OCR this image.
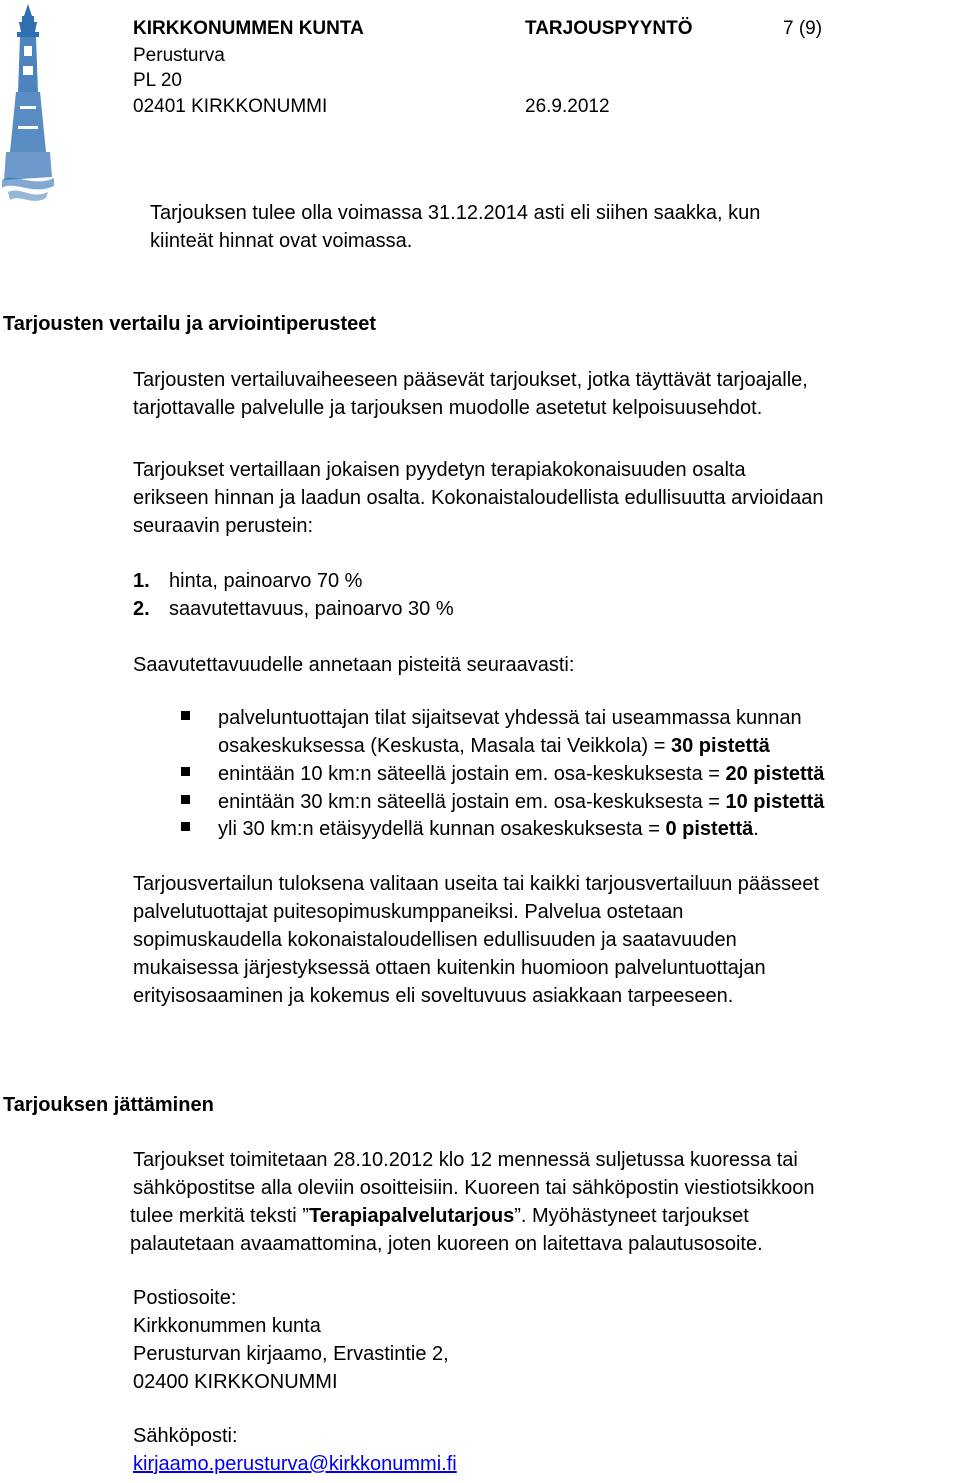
KIRKKONUMMEN KUNTA	TARJOUSPYYNTÖ	7 (9)
Perusturva
PL 20
02401 KIRKKONUMMI	26.9.2012
Tarjouksen tulee olla voimassa 31.12.2014 asti eli siihen saakka, kun
kiinteät hinnat ovat voimassa.
Tarjousten vertailu ja arviointiperusteet
Tarjousten vertailuvaiheeseen pääsevät tarjoukset, jotka täyttävät tarjoajalle,
tarjottavalle palvelulle ja tarjouksen muodolle asetetut kelpoisuusehdot.
Tarjoukset vertaillaan jokaisen pyydetyn terapiakokonaisuuden osalta
erikseen hinnan ja laadun osalta. Kokonaistaloudellista edullisuutta arvioidaan
seuraavin perustein:
1. hinta, painoarvo 70 %
2. saavutettavuus, painoarvo 30 %
Saavutettavuudelle annetaan pisteitä seuraavasti:
palveluntuottajan tilat sijaitsevat yhdessä tai useammassa kunnan
osakeskuksessa (Keskusta, Masala tai Veikkola) = 30 pistettä
enintään 10 km:n säteellä jostain em. osa-keskuksesta = 20 pistettä
enintään 30 km:n säteellä jostain em. osa-keskuksesta = 10 pistettä
yli 30 km:n etäisyydellä kunnan osakeskuksesta = 0 pistettä.
Tarjousvertailun tuloksena valitaan useita tai kaikki tarjousvertailuun päässeet
palvelutuottajat puitesopimuskumppaneiksi. Palvelua ostetaan
sopimuskaudella kokonaistaloudellisen edullisuuden ja saatavuuden
mukaisessa järjestyksessä ottaen kuitenkin huomioon palveluntuottajan
erityisosaaminen ja kokemus eli soveltuvuus asiakkaan tarpeeseen.
Tarjouksen jättäminen
Tarjoukset toimitetaan 28.10.2012 klo 12 mennessä suljetussa kuoressa tai
sähköpostitse alla oleviin osoitteisiin. Kuoreen tai sähköpostin viestiotsikkoon
tulee merkitä teksti ”Terapiapalvelutarjous”. Myöhästyneet tarjoukset
palautetaan avaamattomina, joten kuoreen on laitettava palautusosoite.
Postiosoite:
Kirkkonummen kunta
Perusturvan kirjaamo, Ervastintie 2,
02400 KIRKKONUMMI
Sähköposti:
kirjaamo.perusturva@kirkkonummi.fi
